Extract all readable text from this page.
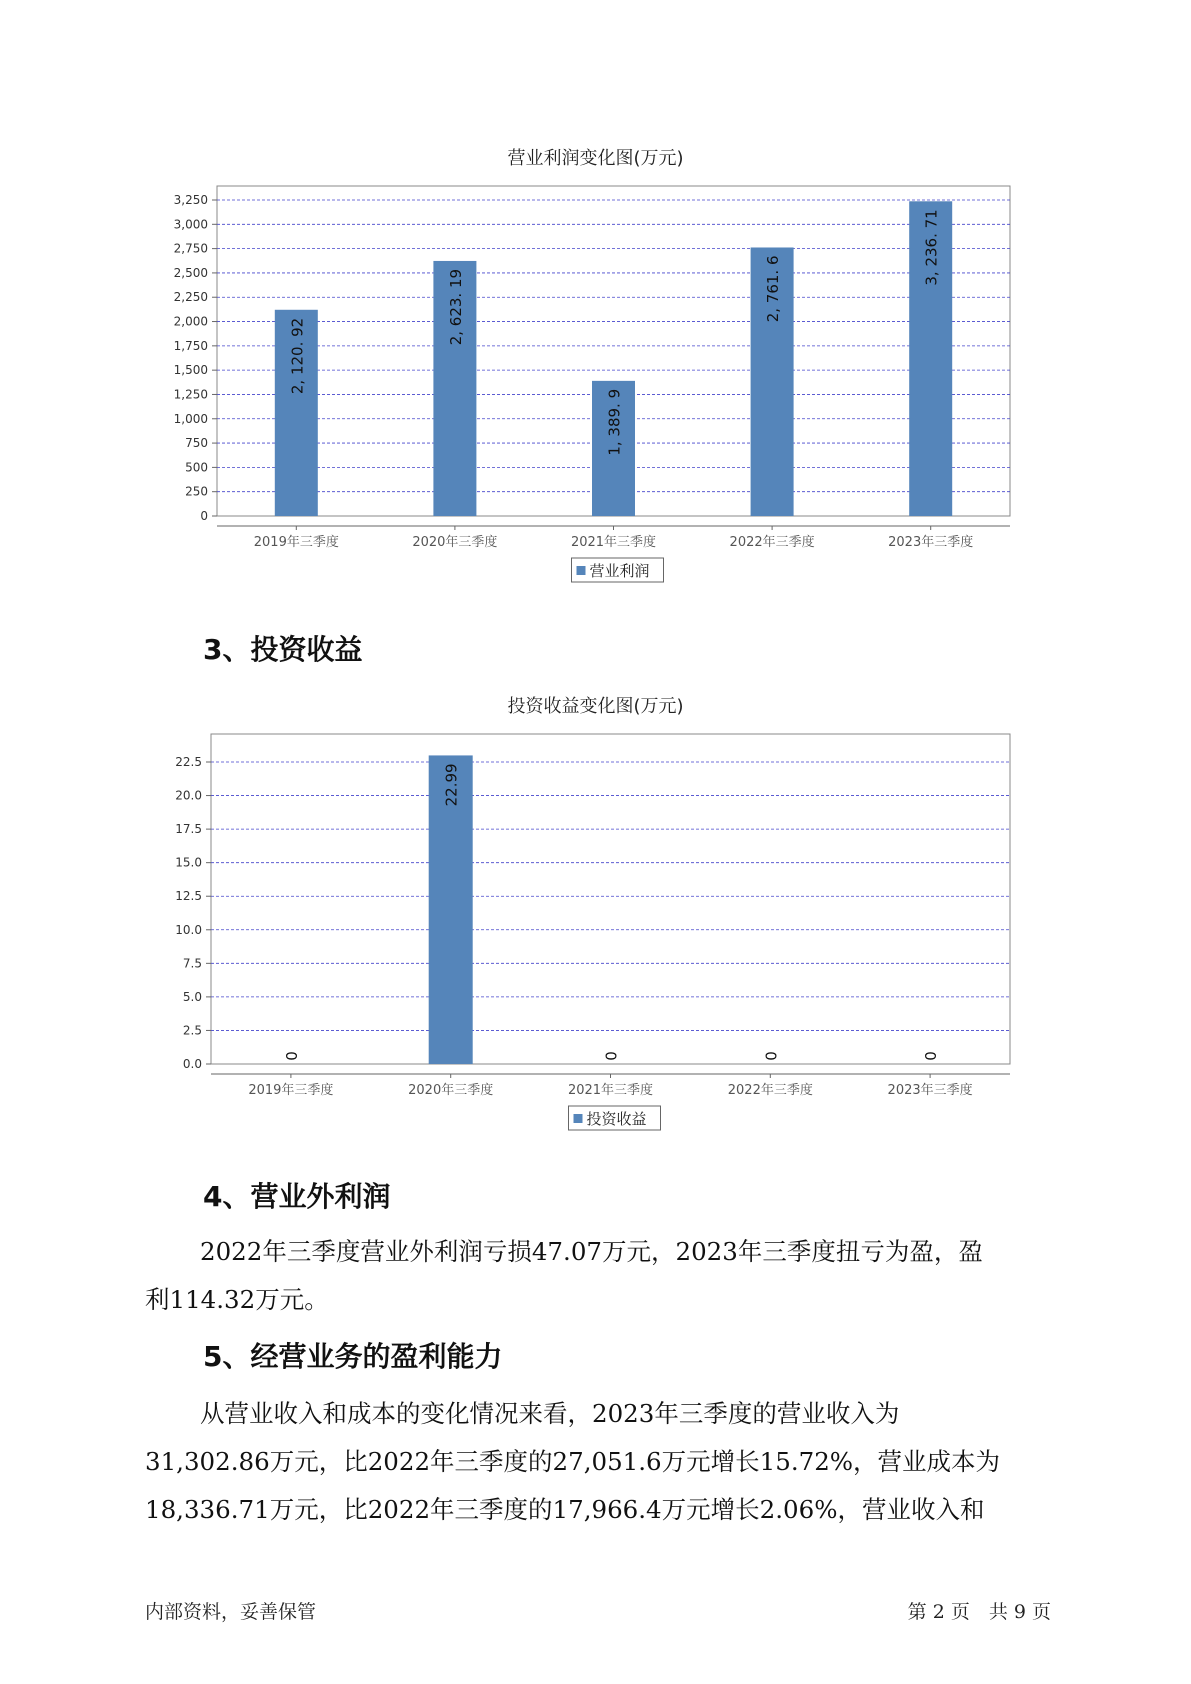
营业利润变化图(万元)
0
250
500
750
1,000
1,250
1,500
1,750
2,000
2,250
2,500
2,750
3,000
3,250
2, 120. 92
2019年三季度
2, 623. 19
2020年三季度
1, 389. 9
2021年三季度
2, 761. 6
2022年三季度
3, 236. 71
2023年三季度
营业利润
3、投资收益
投资收益变化图(万元)
0.0
2.5
5.0
7.5
10.0
12.5
15.0
17.5
20.0
22.5
0
2019年三季度
22.99
2020年三季度
0
2021年三季度
0
2022年三季度
0
2023年三季度
投资收益
4、营业外利润
2022年三季度营业外利润亏损47.07万元，2023年三季度扭亏为盈，盈
利114.32万元。
5、经营业务的盈利能力
从营业收入和成本的变化情况来看，2023年三季度的营业收入为
31,302.86万元，比2022年三季度的27,051.6万元增长15.72%，营业成本为
18,336.71万元，比2022年三季度的17,966.4万元增长2.06%，营业收入和
内部资料，妥善保管	第 2 页　共 9 页
